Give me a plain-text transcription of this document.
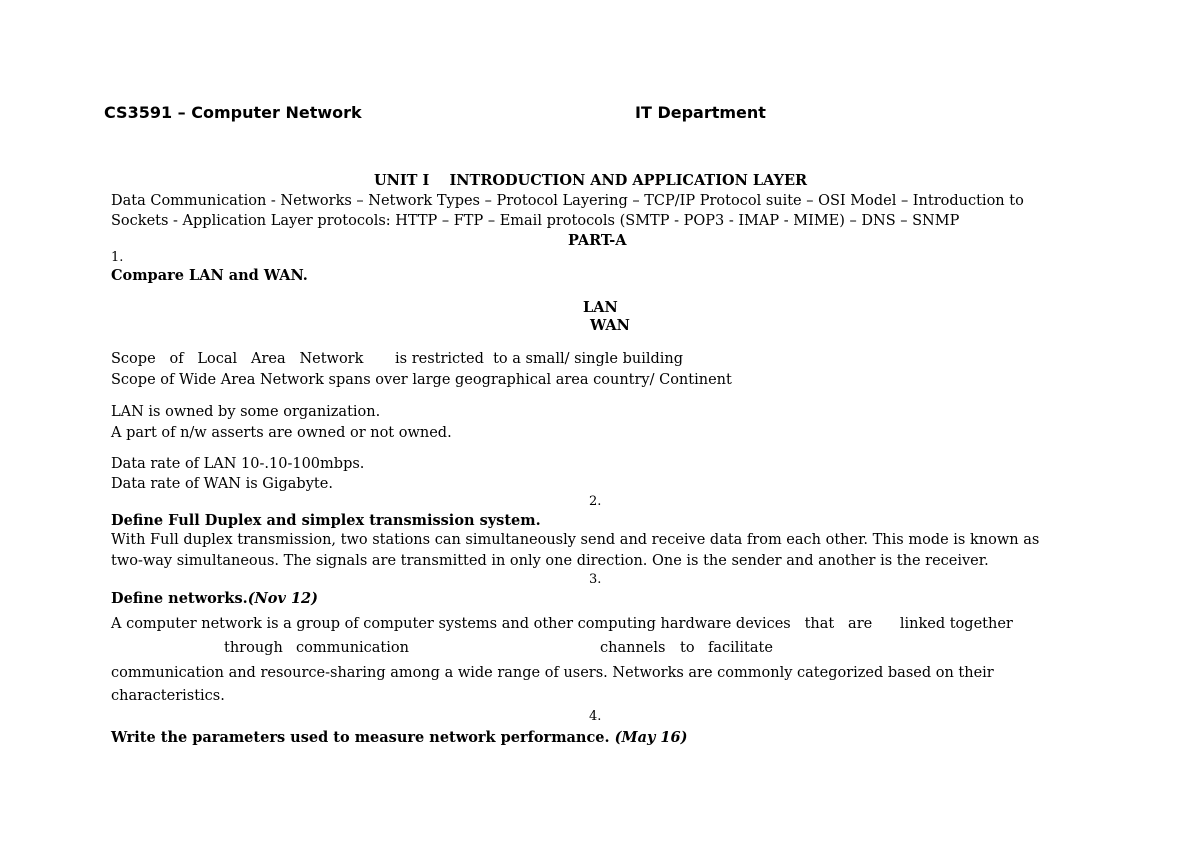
CS3591 – Computer Network	IT Department
UNIT I    INTRODUCTION AND APPLICATION LAYER
Data Communication - Networks – Network Types – Protocol Layering – TCP/IP Protocol suite – OSI Model – Introduction to
Sockets - Application Layer protocols: HTTP – FTP – Email protocols (SMTP - POP3 - IMAP - MIME) – DNS – SNMP
PART-A
1.
Compare LAN and WAN.
LAN
WAN
Scope   of   Local   Area   Network is restricted  to a small/ single building
Scope of Wide Area Network spans over large geographical area country/ Continent
LAN is owned by some organization.
A part of n/w asserts are owned or not owned.
Data rate of LAN 10-.10-100mbps.
Data rate of WAN is Gigabyte.
2.
Define Full Duplex and simplex transmission system.
With Full duplex transmission, two stations can simultaneously send and receive data from each other. This mode is known as
two-way simultaneous. The signals are transmitted in only one direction. One is the sender and another is the receiver.
3.
Define networks.(Nov 12)
A computer network is a group of computer systems and other computing hardware devices   that   are      linked together
through communication	channels to facilitate
communication and resource-sharing among a wide range of users. Networks are commonly categorized based on their
characteristics.
4.
Write the parameters used to measure network performance. (May 16)
